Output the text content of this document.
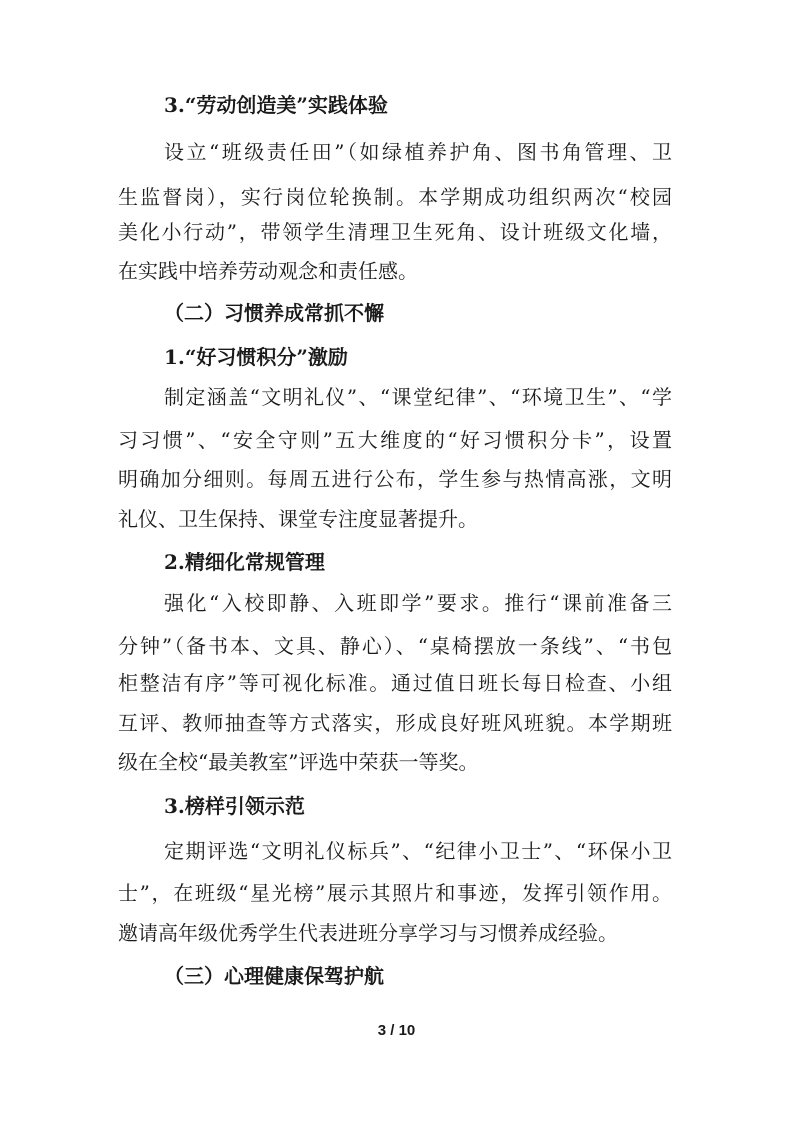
3.“劳动创造美”实践体验
设立“班级责任田”（如绿植养护角、图书角管理、卫
生监督岗），实行岗位轮换制。本学期成功组织两次“校园
美化小行动”，带领学生清理卫生死角、设计班级文化墙，
在实践中培养劳动观念和责任感。
（二）习惯养成常抓不懈
1.“好习惯积分”激励
制定涵盖“文明礼仪”、“课堂纪律”、“环境卫生”、“学
习习惯”、“安全守则”五大维度的“好习惯积分卡”，设置
明确加分细则。每周五进行公布，学生参与热情高涨，文明
礼仪、卫生保持、课堂专注度显著提升。
2.精细化常规管理
强化“入校即静、入班即学”要求。推行“课前准备三
分钟”（备书本、文具、静心）、“桌椅摆放一条线”、“书包
柜整洁有序”等可视化标准。通过值日班长每日检查、小组
互评、教师抽查等方式落实，形成良好班风班貌。本学期班
级在全校“最美教室”评选中荣获一等奖。
3.榜样引领示范
定期评选“文明礼仪标兵”、“纪律小卫士”、“环保小卫
士”，在班级“星光榜”展示其照片和事迹，发挥引领作用。
邀请高年级优秀学生代表进班分享学习与习惯养成经验。
（三）心理健康保驾护航
3 / 10
